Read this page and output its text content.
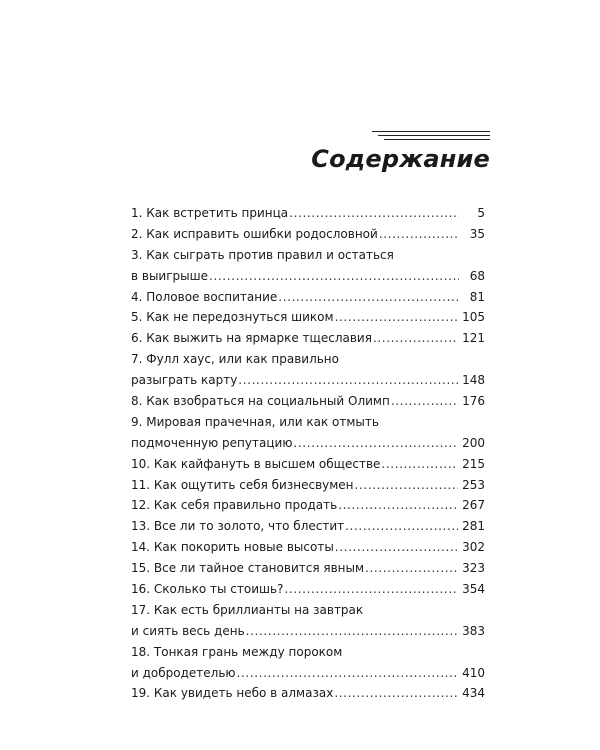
Содержание
1. Как встретить принца . . .	5
2. Как исправить ошибки родословной . . .	35
3. Как сыграть против правил и остаться
в выигрыше . . .	68
4. Половое воспитание . . .	81
5. Как не передознуться шиком . . .	105
6. Как выжить на ярмарке тщеславия . . .	121
7. Фулл хаус, или как правильно
разыграть карту . . .	148
8. Как взобраться на социальный Олимп . . .	176
9. Мировая прачечная, или как отмыть
подмоченную репутацию . . .	200
10. Как кайфануть в высшем обществе . . .	215
11. Как ощутить себя бизнесвумен . . .	253
12. Как себя правильно продать . . .	267
13. Все ли то золото, что блестит . . .	281
14. Как покорить новые высоты . . .	302
15. Все ли тайное становится явным . . .	323
16. Сколько ты стоишь? . . .	354
17. Как есть бриллианты на завтрак
и сиять весь день . . .	383
18. Тонкая грань между пороком
и добродетелью . . .	410
19. Как увидеть небо в алмазах . . .	434
